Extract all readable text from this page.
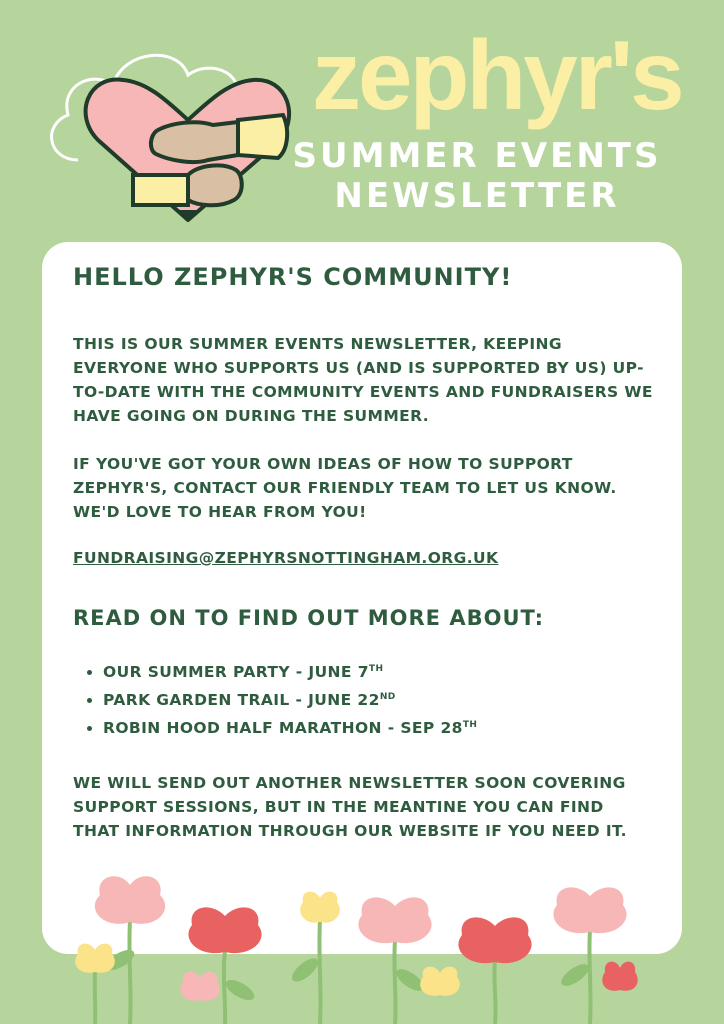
zephyr's
SUMMER EVENTS NEWSLETTER
HELLO ZEPHYR'S COMMUNITY!

THIS IS OUR SUMMER EVENTS NEWSLETTER, KEEPING EVERYONE WHO SUPPORTS US (AND IS SUPPORTED BY US) UP-TO-DATE WITH THE COMMUNITY EVENTS AND FUNDRAISERS WE HAVE GOING ON DURING THE SUMMER.

IF YOU'VE GOT YOUR OWN IDEAS OF HOW TO SUPPORT ZEPHYR'S, CONTACT OUR FRIENDLY TEAM TO LET US KNOW. WE'D LOVE TO HEAR FROM YOU!

FUNDRAISING@ZEPHYRSNOTTINGHAM.ORG.UK
READ ON TO FIND OUT MORE ABOUT:
• OUR SUMMER PARTY - JUNE 7TH
• PARK GARDEN TRAIL - JUNE 22ND
• ROBIN HOOD HALF MARATHON - SEP 28TH

WE WILL SEND OUT ANOTHER NEWSLETTER SOON COVERING SUPPORT SESSIONS, BUT IN THE MEANTINE YOU CAN FIND THAT INFORMATION THROUGH OUR WEBSITE IF YOU NEED IT.
